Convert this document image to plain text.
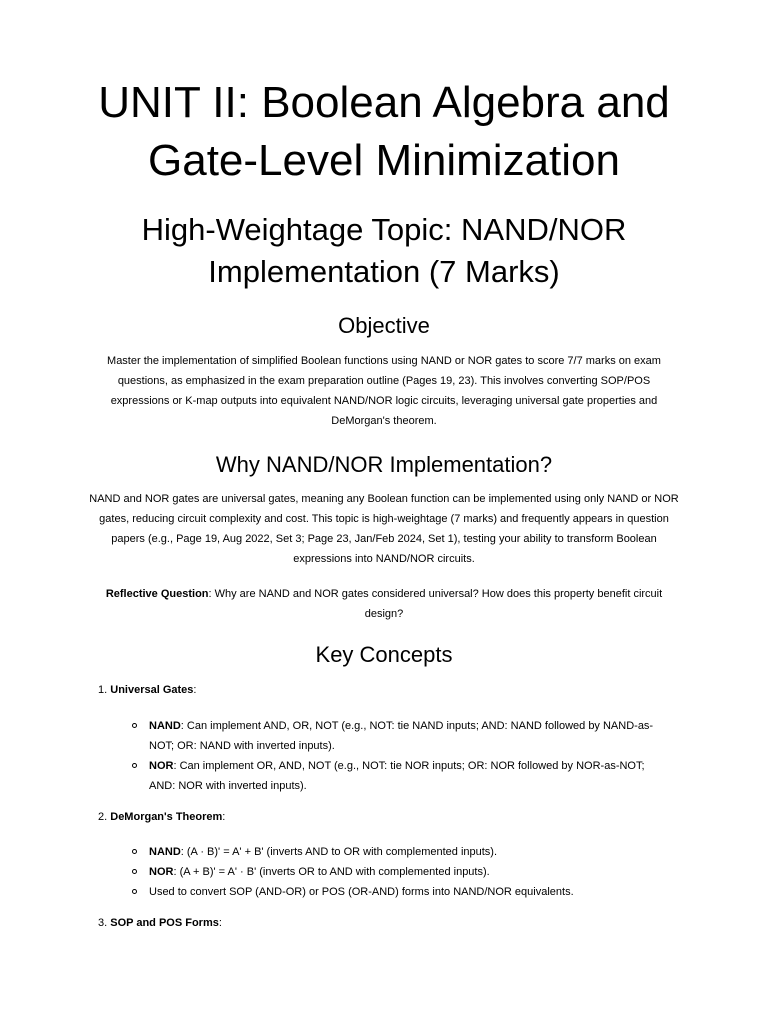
UNIT II: Boolean Algebra and
Gate-Level Minimization
High-Weightage Topic: NAND/NOR
Implementation (7 Marks)
Objective

Master the implementation of simplified Boolean functions using NAND or NOR gates to score 7/7 marks on exam
questions, as emphasized in the exam preparation outline (Pages 19, 23). This involves converting SOP/POS
expressions or K-map outputs into equivalent NAND/NOR logic circuits, leveraging universal gate properties and
DeMorgan's theorem.

Why NAND/NOR Implementation?

NAND and NOR gates are universal gates, meaning any Boolean function can be implemented using only NAND or NOR
gates, reducing circuit complexity and cost. This topic is high-weightage (7 marks) and frequently appears in question
papers (e.g., Page 19, Aug 2022, Set 3; Page 23, Jan/Feb 2024, Set 1), testing your ability to transform Boolean
expressions into NAND/NOR circuits.

Reflective Question: Why are NAND and NOR gates considered universal? How does this property benefit circuit
design?

Key Concepts

1. Universal Gates:

NAND: Can implement AND, OR, NOT (e.g., NOT: tie NAND inputs; AND: NAND followed by NAND-as-
NOT; OR: NAND with inverted inputs).

NOR: Can implement OR, AND, NOT (e.g., NOT: tie NOR inputs; OR: NOR followed by NOR-as-NOT;
AND: NOR with inverted inputs).

2. DeMorgan's Theorem:

NAND: (A · B)' = A' + B' (inverts AND to OR with complemented inputs).

NOR: (A + B)' = A' · B' (inverts OR to AND with complemented inputs).

Used to convert SOP (AND-OR) or POS (OR-AND) forms into NAND/NOR equivalents.

3. SOP and POS Forms:
